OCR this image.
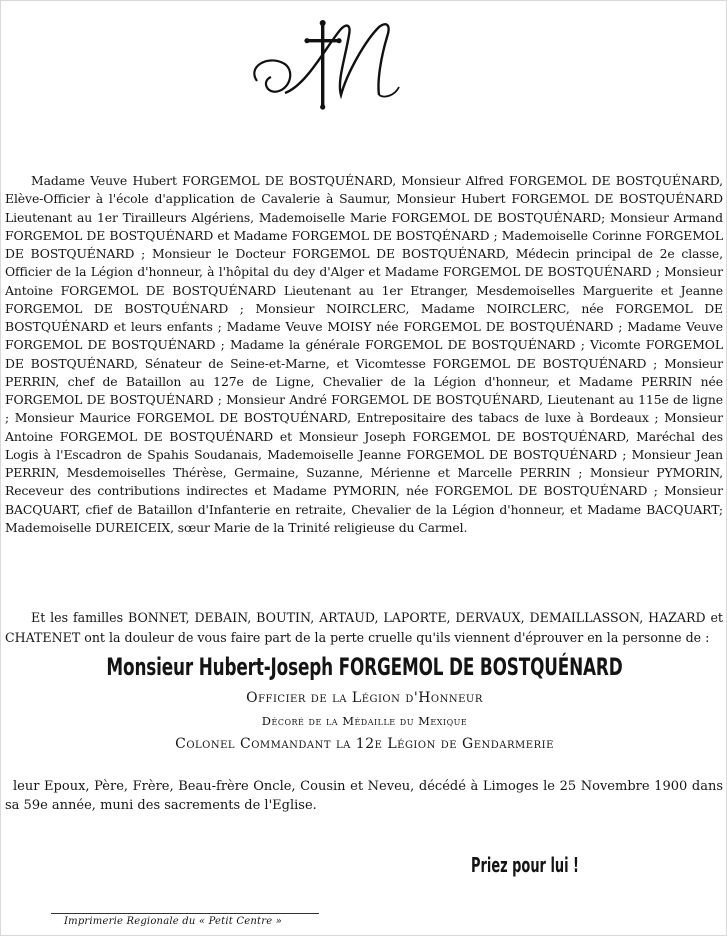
Madame Veuve Hubert FORGEMOL DE BOSTQUÉNARD, Monsieur Alfred FORGEMOL DE BOSTQUÉNARD, Elève-Officier à l'école d'application de Cavalerie à Saumur, Monsieur Hubert FORGEMOL DE BOSTQUÉNARD Lieutenant au 1er Tirailleurs Algériens, Mademoiselle Marie FORGEMOL DE BOSTQUÉNARD; Monsieur Armand FORGEMOL DE BOSTQUÉNARD et Madame FORGEMOL DE BOSTQÉNARD ; Mademoiselle Corinne FORGEMOL DE BOSTQUÉNARD ; Monsieur le Docteur FORGEMOL DE BOSTQUÉNARD, Médecin principal de 2e classe, Officier de la Légion d'honneur, à l'hôpital du dey d'Alger et Madame FORGEMOL DE BOSTQUÉNARD ; Monsieur Antoine FORGEMOL DE BOSTQUÉNARD Lieutenant au 1er Etranger, Mesdemoiselles Marguerite et Jeanne FORGEMOL DE BOSTQUÉNARD ; Monsieur NOIRCLERC, Madame NOIRCLERC, née FORGEMOL DE BOSTQUÉNARD et leurs enfants ; Madame Veuve MOISY née FORGEMOL DE BOSTQUÉNARD ; Madame Veuve FORGEMOL DE BOSTQUÉNARD ; Madame la générale FORGEMOL DE BOSTQUÉNARD ; Vicomte FORGEMOL DE BOSTQUÉNARD, Sénateur de Seine-et-Marne, et Vicomtesse FORGEMOL DE BOSTQUÉNARD ; Monsieur PERRIN, chef de Bataillon au 127e de Ligne, Chevalier de la Légion d'honneur, et Madame PERRIN née FORGEMOL DE BOSTQUÉNARD ; Monsieur André FORGEMOL DE BOSTQUÉNARD, Lieutenant au 115e de ligne ; Monsieur Maurice FORGEMOL DE BOSTQUÉNARD, Entrepositaire des tabacs de luxe à Bordeaux ; Monsieur Antoine FORGEMOL DE BOSTQUÉNARD et Monsieur Joseph FORGEMOL DE BOSTQUÉNARD, Maréchal des Logis à l'Escadron de Spahis Soudanais, Mademoiselle Jeanne FORGEMOL DE BOSTQUÉNARD ; Monsieur Jean PERRIN, Mesdemoiselles Thérèse, Germaine, Suzanne, Mérienne et Marcelle PERRIN ; Monsieur PYMORIN, Receveur des contributions indirectes et Madame PYMORIN, née FORGEMOL DE BOSTQUÉNARD ; Monsieur BACQUART, cfief de Bataillon d'Infanterie en retraite, Chevalier de la Légion d'honneur, et Madame BACQUART; Mademoiselle DUREICEIX, sœur Marie de la Trinité religieuse du Carmel.

Et les familles BONNET, DEBAIN, BOUTIN, ARTAUD, LAPORTE, DERVAUX, DEMAILLASSON, HAZARD et CHATENET ont la douleur de vous faire part de la perte cruelle qu'ils viennent d'éprouver en la personne de :

Monsieur Hubert-Joseph FORGEMOL DE BOSTQUÉNARD
Officier de la Légion d'Honneur
Décoré de la Médaille du Mexique
Colonel Commandant la 12e Légion de Gendarmerie

leur Epoux, Père, Frère, Beau-frère Oncle, Cousin et Neveu, décédé à Limoges le 25 Novembre 1900 dans sa 59e année, muni des sacrements de l'Eglise.

Priez pour lui !
Imprimerie Regionale du « Petit Centre »
